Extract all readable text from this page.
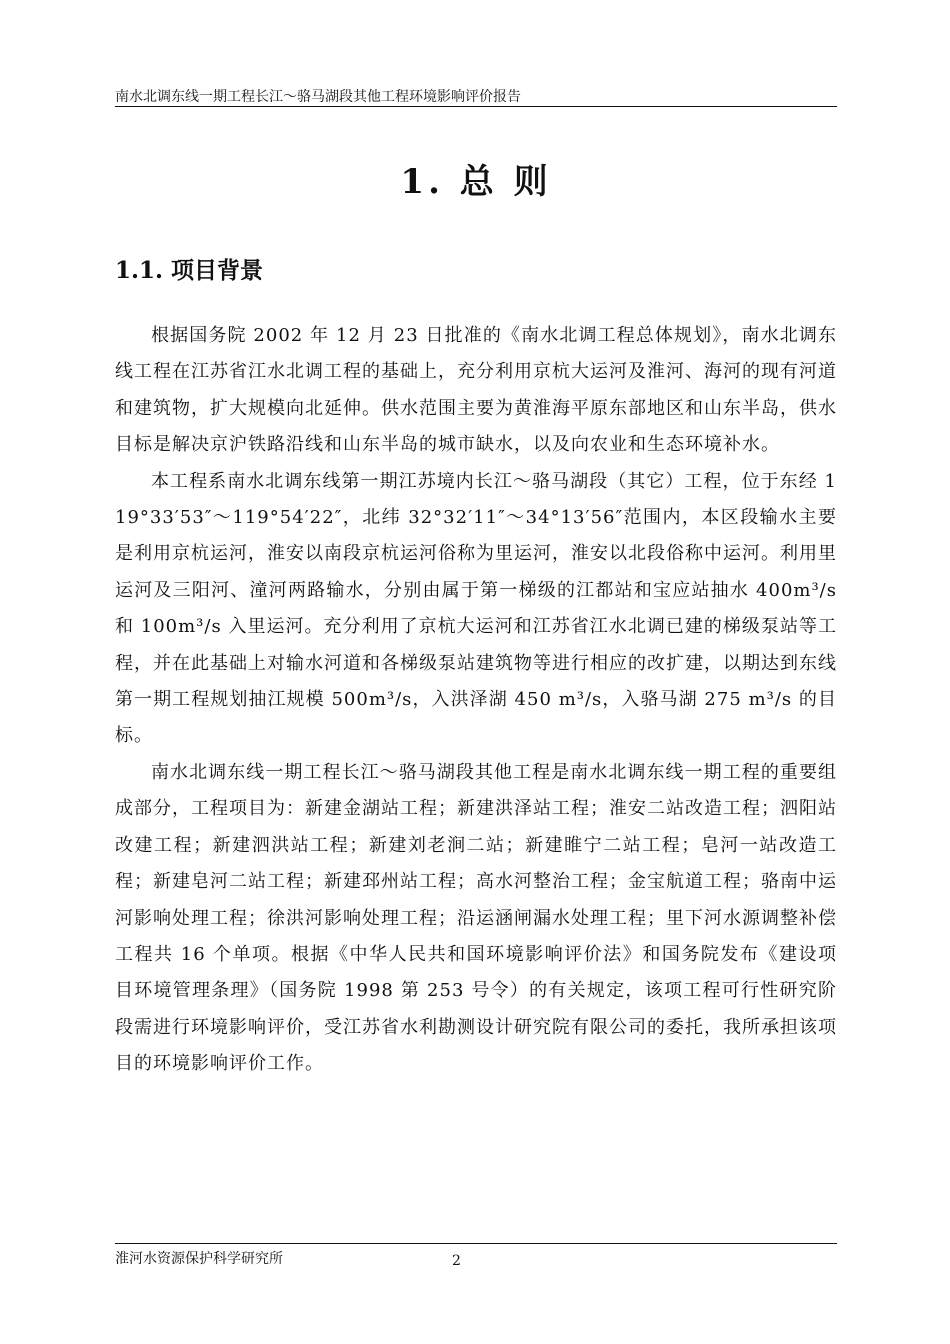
南水北调东线一期工程长江～骆马湖段其他工程环境影响评价报告
1. 总 则
1.1. 项目背景

根据国务院 2002 年 12 月 23 日批准的《南水北调工程总体规划》，南水北调东线工程在江苏省江水北调工程的基础上，充分利用京杭大运河及淮河、海河的现有河道和建筑物，扩大规模向北延伸。供水范围主要为黄淮海平原东部地区和山东半岛，供水目标是解决京沪铁路沿线和山东半岛的城市缺水，以及向农业和生态环境补水。

本工程系南水北调东线第一期江苏境内长江～骆马湖段（其它）工程，位于东经 119°33′53″～119°54′22″，北纬 32°32′11″～34°13′56″范围内，本区段输水主要是利用京杭运河，淮安以南段京杭运河俗称为里运河，淮安以北段俗称中运河。利用里运河及三阳河、潼河两路输水，分别由属于第一梯级的江都站和宝应站抽水 400m³/s 和 100m³/s 入里运河。充分利用了京杭大运河和江苏省江水北调已建的梯级泵站等工程，并在此基础上对输水河道和各梯级泵站建筑物等进行相应的改扩建，以期达到东线第一期工程规划抽江规模 500m³/s，入洪泽湖 450 m³/s，入骆马湖 275 m³/s 的目标。

南水北调东线一期工程长江～骆马湖段其他工程是南水北调东线一期工程的重要组成部分，工程项目为：新建金湖站工程；新建洪泽站工程；淮安二站改造工程；泗阳站改建工程；新建泗洪站工程；新建刘老涧二站；新建睢宁二站工程；皂河一站改造工程；新建皂河二站工程；新建邳州站工程；高水河整治工程；金宝航道工程；骆南中运河影响处理工程；徐洪河影响处理工程；沿运涵闸漏水处理工程；里下河水源调整补偿工程共 16 个单项。根据《中华人民共和国环境影响评价法》和国务院发布《建设项目环境管理条理》（国务院 1998 第 253 号令）的有关规定，该项工程可行性研究阶段需进行环境影响评价，受江苏省水利勘测设计研究院有限公司的委托，我所承担该项目的环境影响评价工作。

淮河水资源保护科学研究所	2
